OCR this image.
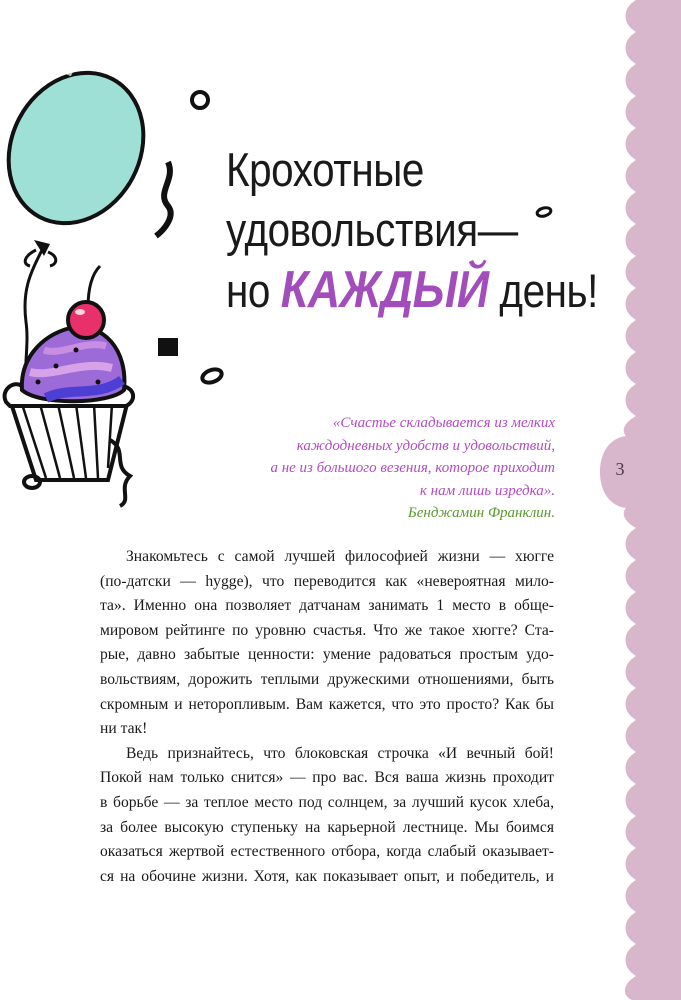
3
Крохотные
удовольствия—
но КАЖДЫЙ день!
«Счастье складывается из мелких
каждодневных удобств и удовольствий,
а не из большого везения, которое приходит
к нам лишь изредка».
Бенджамин Франклин.
Знакомьтесь с самой лучшей философией жизни — хюгге
(по-датски — hygge), что переводится как «невероятная мило-
та». Именно она позволяет датчанам занимать 1 место в обще-
мировом рейтинге по уровню счастья. Что же такое хюгге? Ста-
рые, давно забытые ценности: умение радоваться простым удо-
вольствиям, дорожить теплыми дружескими отношениями, быть
скромным и неторопливым. Вам кажется, что это просто? Как бы
ни так!
Ведь признайтесь, что блоковская строчка «И вечный бой!
Покой нам только снится» — про вас. Вся ваша жизнь проходит
в борьбе — за теплое место под солнцем, за лучший кусок хлеба,
за более высокую ступеньку на карьерной лестнице. Мы боимся
оказаться жертвой естественного отбора, когда слабый оказывает-
ся на обочине жизни. Хотя, как показывает опыт, и победитель, и
